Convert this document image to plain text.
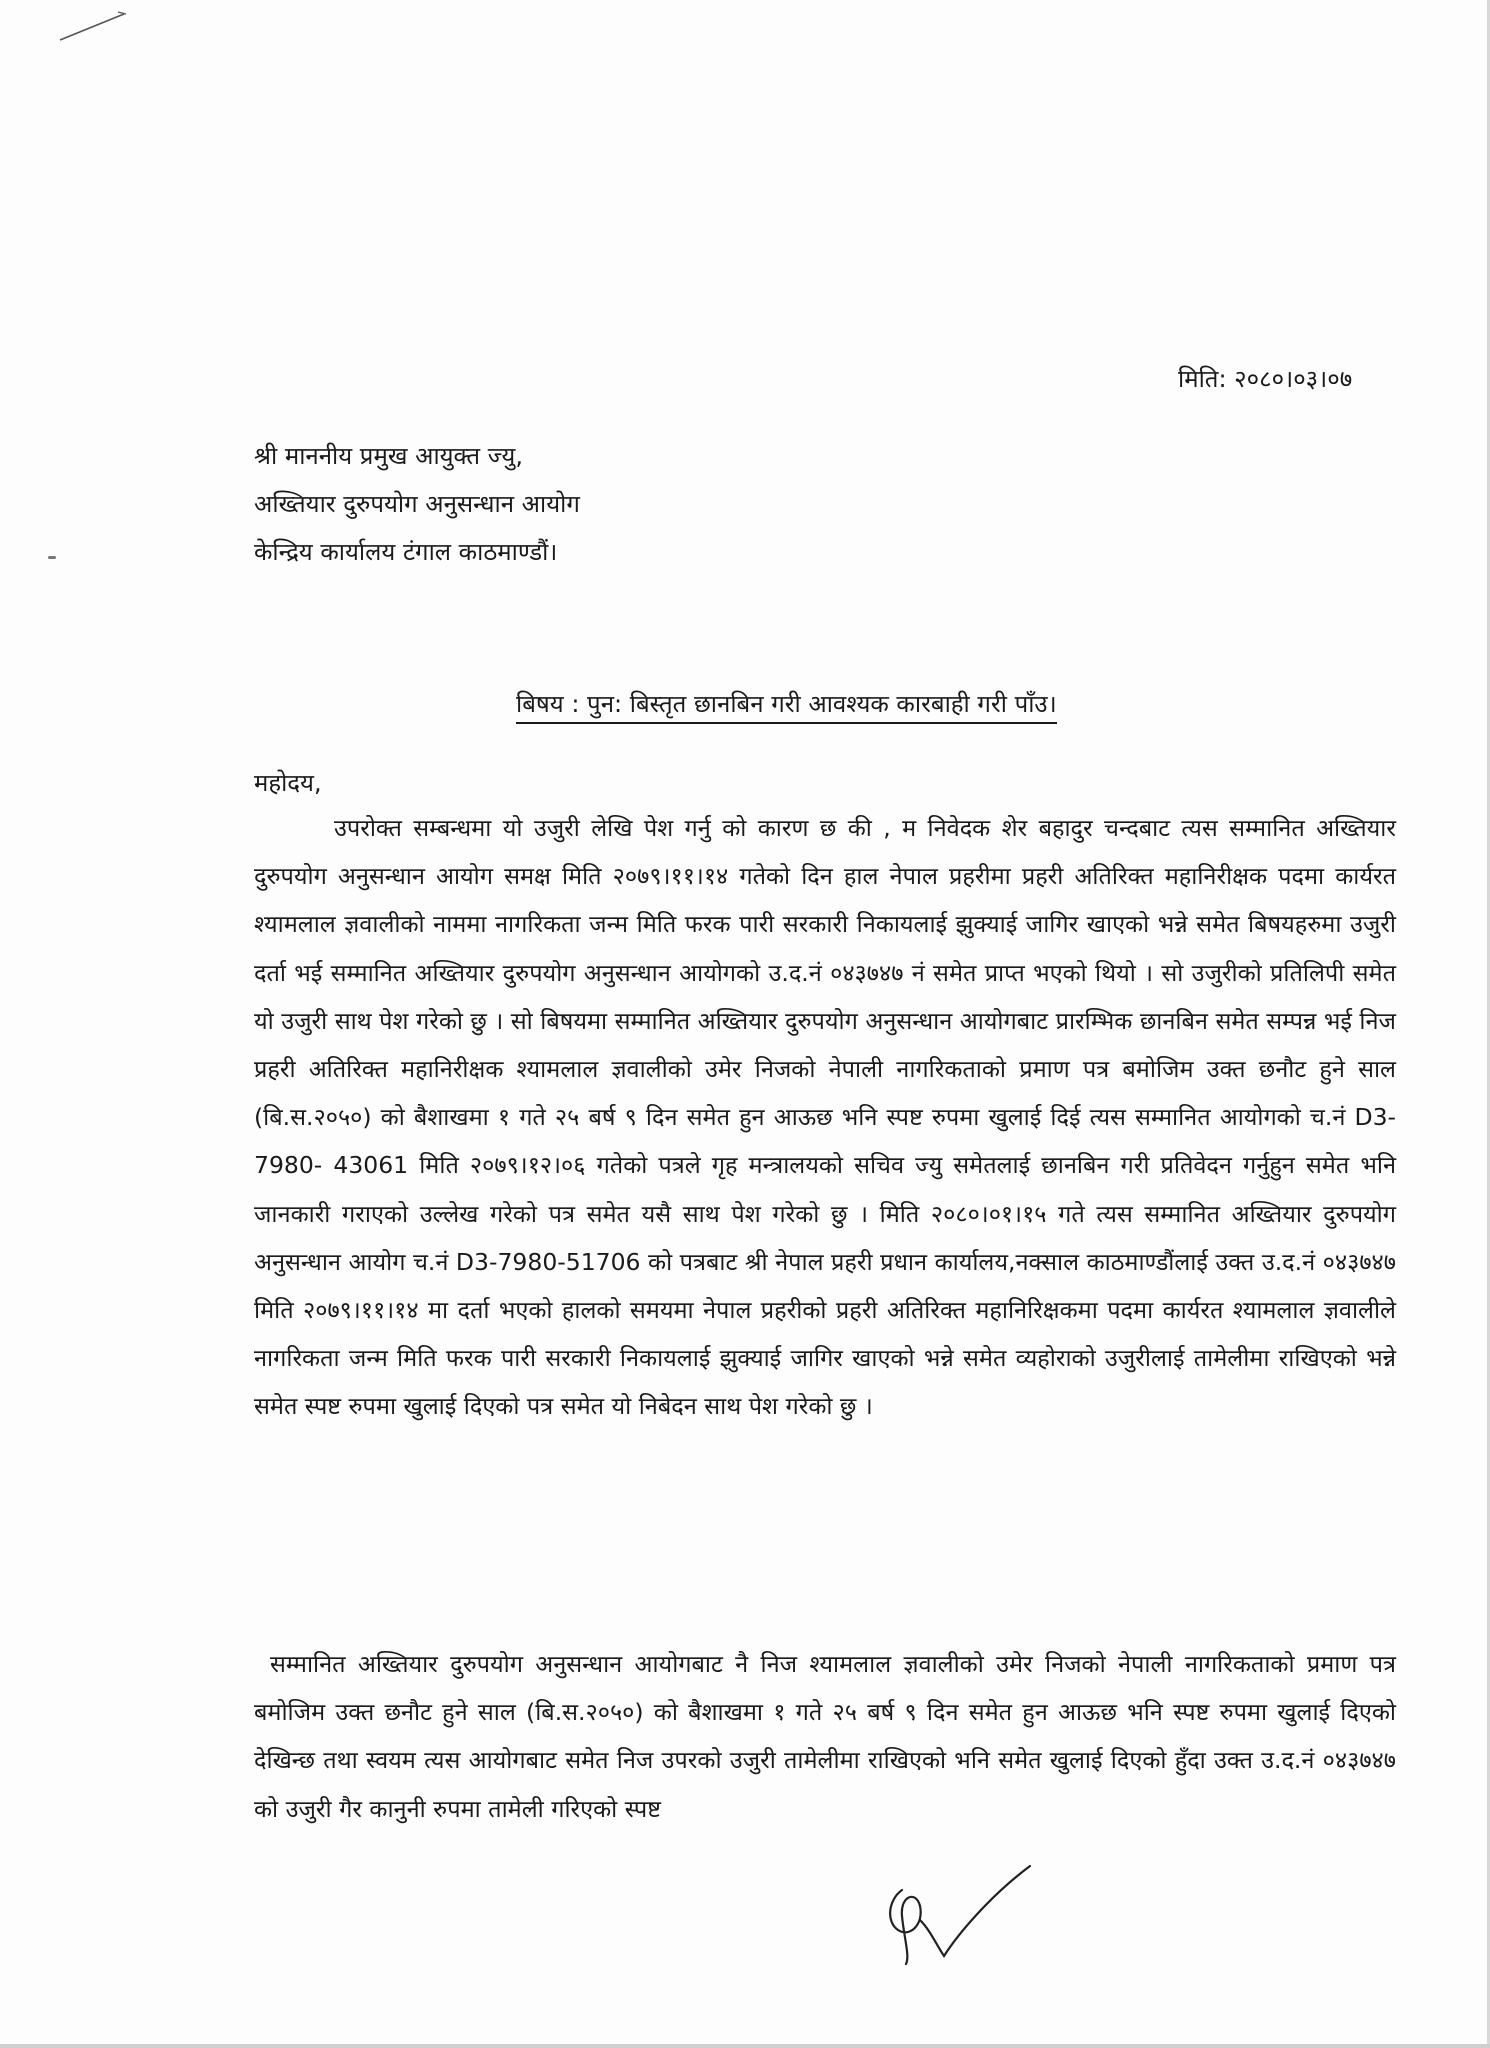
मिति: २०८०।०३।०७
श्री माननीय प्रमुख आयुक्त ज्यु,
अख्तियार दुरुपयोग अनुसन्धान आयोग
केन्द्रिय कार्यालय टंगाल काठमाण्डौं।
बिषय : पुन: बिस्तृत छानबिन गरी आवश्यक कारबाही गरी पाँउ।
महोदय,

उपरोक्त सम्बन्धमा यो उजुरी लेखि पेश गर्नु को कारण छ की , म निवेदक शेर बहादुर चन्दबाट त्यस सम्मानित अख्तियार दुरुपयोग अनुसन्धान आयोग समक्ष मिति २०७९।११।१४ गतेको दिन हाल नेपाल प्रहरीमा प्रहरी अतिरिक्त महानिरीक्षक पदमा कार्यरत श्यामलाल ज्ञवालीको नाममा नागरिकता जन्म मिति फरक पारी सरकारी निकायलाई झुक्याई जागिर खाएको भन्ने समेत बिषयहरुमा उजुरी दर्ता भई सम्मानित अख्तियार दुरुपयोग अनुसन्धान आयोगको उ.द.नं ०४३७४७ नं समेत प्राप्त भएको थियो । सो उजुरीको प्रतिलिपी समेत यो उजुरी साथ पेश गरेको छु । सो बिषयमा सम्मानित अख्तियार दुरुपयोग अनुसन्धान आयोगबाट प्रारम्भिक छानबिन समेत सम्पन्न भई निज प्रहरी अतिरिक्त महानिरीक्षक श्यामलाल ज्ञवालीको उमेर निजको नेपाली नागरिकताको प्रमाण पत्र बमोजिम उक्त छनौट हुने साल (बि.स.२०५०) को बैशाखमा १ गते २५ बर्ष ९ दिन समेत हुन आऊछ भनि स्पष्ट रुपमा खुलाई दिई त्यस सम्मानित आयोगको च.नं D3-7980- 43061 मिति २०७९।१२।०६ गतेको पत्रले गृह मन्त्रालयको सचिव ज्यु समेतलाई छानबिन गरी प्रतिवेदन गर्नुहुन समेत भनि जानकारी गराएको उल्लेख गरेको पत्र समेत यसै साथ पेश गरेको छु । मिति २०८०।०१।१५ गते त्यस सम्मानित अख्तियार दुरुपयोग अनुसन्धान आयोग च.नं D3-7980-51706 को पत्रबाट श्री नेपाल प्रहरी प्रधान कार्यालय,नक्साल काठमाण्डौंलाई उक्त उ.द.नं ०४३७४७ मिति २०७९।११।१४ मा दर्ता भएको हालको समयमा नेपाल प्रहरीको प्रहरी अतिरिक्त महानिरिक्षकमा पदमा कार्यरत श्यामलाल ज्ञवालीले नागरिकता जन्म मिति फरक पारी सरकारी निकायलाई झुक्याई जागिर खाएको भन्ने समेत व्यहोराको उजुरीलाई तामेलीमा राखिएको भन्ने समेत स्पष्ट रुपमा खुलाई दिएको पत्र समेत यो निबेदन साथ पेश गरेको छु ।

सम्मानित अख्तियार दुरुपयोग अनुसन्धान आयोगबाट नै निज श्यामलाल ज्ञवालीको उमेर निजको नेपाली नागरिकताको प्रमाण पत्र बमोजिम उक्त छनौट हुने साल (बि.स.२०५०) को बैशाखमा १ गते २५ बर्ष ९ दिन समेत हुन आऊछ भनि स्पष्ट रुपमा खुलाई दिएको देखिन्छ तथा स्वयम त्यस आयोगबाट समेत निज उपरको उजुरी तामेलीमा राखिएको भनि समेत खुलाई दिएको हुँदा उक्त उ.द.नं ०४३७४७ को उजुरी गैर कानुनी रुपमा तामेली गरिएको स्पष्ट
